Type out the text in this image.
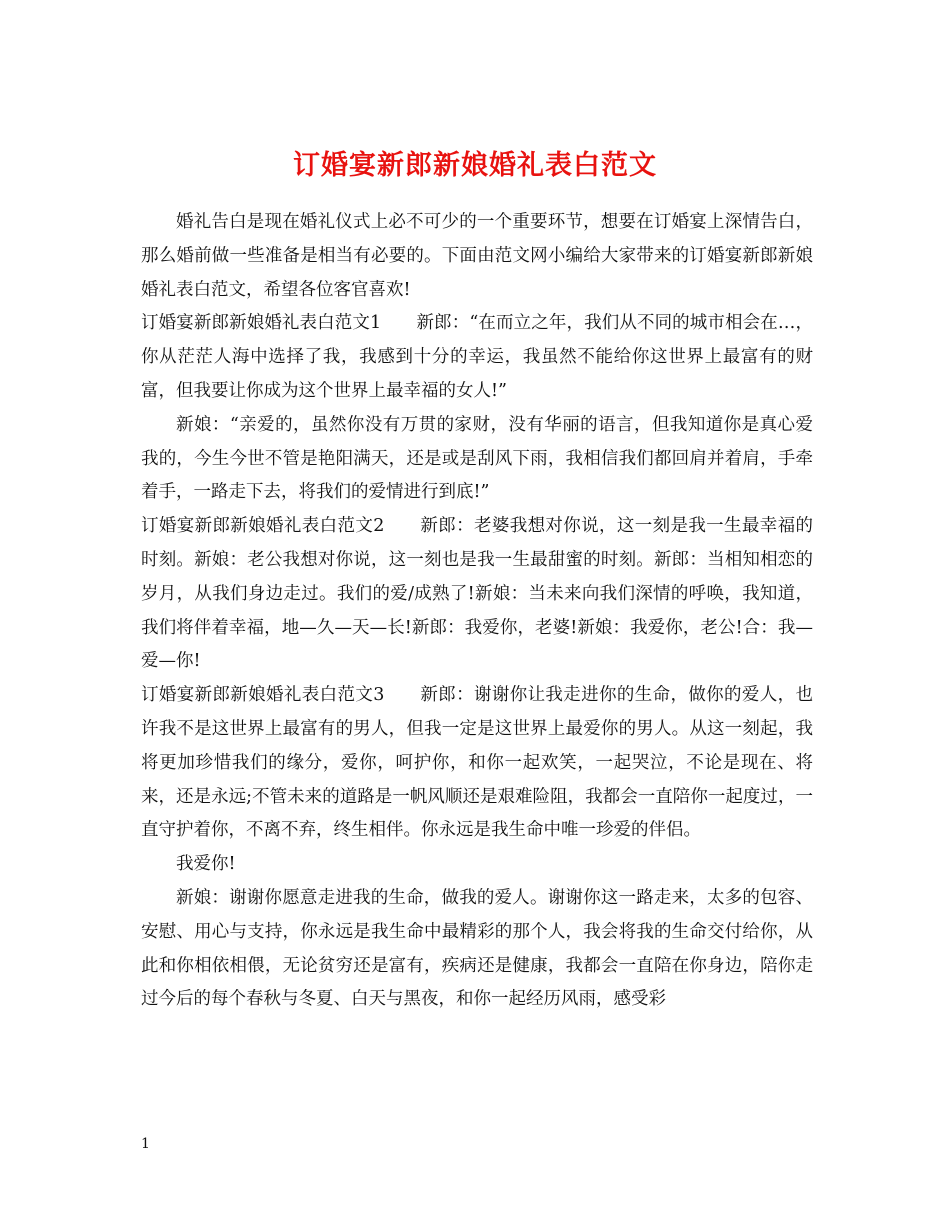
订婚宴新郎新娘婚礼表白范文

婚礼告白是现在婚礼仪式上必不可少的一个重要环节，想要在订婚宴上深情告白，那么婚前做一些准备是相当有必要的。下面由范文网小编给大家带来的订婚宴新郎新娘婚礼表白范文，希望各位客官喜欢!

订婚宴新郎新娘婚礼表白范文1　　新郎：“在而立之年，我们从不同的城市相会在…，你从茫茫人海中选择了我，我感到十分的幸运，我虽然不能给你这世界上最富有的财富，但我要让你成为这个世界上最幸福的女人!”

新娘：“亲爱的，虽然你没有万贯的家财，没有华丽的语言，但我知道你是真心爱我的，今生今世不管是艳阳满天，还是或是刮风下雨，我相信我们都回肩并着肩，手牵着手，一路走下去，将我们的爱情进行到底!”

订婚宴新郎新娘婚礼表白范文2　　新郎：老婆我想对你说，这一刻是我一生最幸福的时刻。新娘：老公我想对你说，这一刻也是我一生最甜蜜的时刻。新郎：当相知相恋的岁月，从我们身边走过。我们的爱/成熟了!新娘：当未来向我们深情的呼唤，我知道，我们将伴着幸福，地—久—天—长!新郎：我爱你，老婆!新娘：我爱你，老公!合：我—爱—你!

订婚宴新郎新娘婚礼表白范文3　　新郎：谢谢你让我走进你的生命，做你的爱人，也许我不是这世界上最富有的男人，但我一定是这世界上最爱你的男人。从这一刻起，我将更加珍惜我们的缘分，爱你，呵护你，和你一起欢笑，一起哭泣，不论是现在、将来，还是永远;不管未来的道路是一帆风顺还是艰难险阻，我都会一直陪你一起度过，一直守护着你，不离不弃，终生相伴。你永远是我生命中唯一珍爱的伴侣。

我爱你!

新娘：谢谢你愿意走进我的生命，做我的爱人。谢谢你这一路走来，太多的包容、安慰、用心与支持，你永远是我生命中最精彩的那个人，我会将我的生命交付给你，从此和你相依相偎，无论贫穷还是富有，疾病还是健康，我都会一直陪在你身边，陪你走过今后的每个春秋与冬夏、白天与黑夜，和你一起经历风雨，感受彩

1
